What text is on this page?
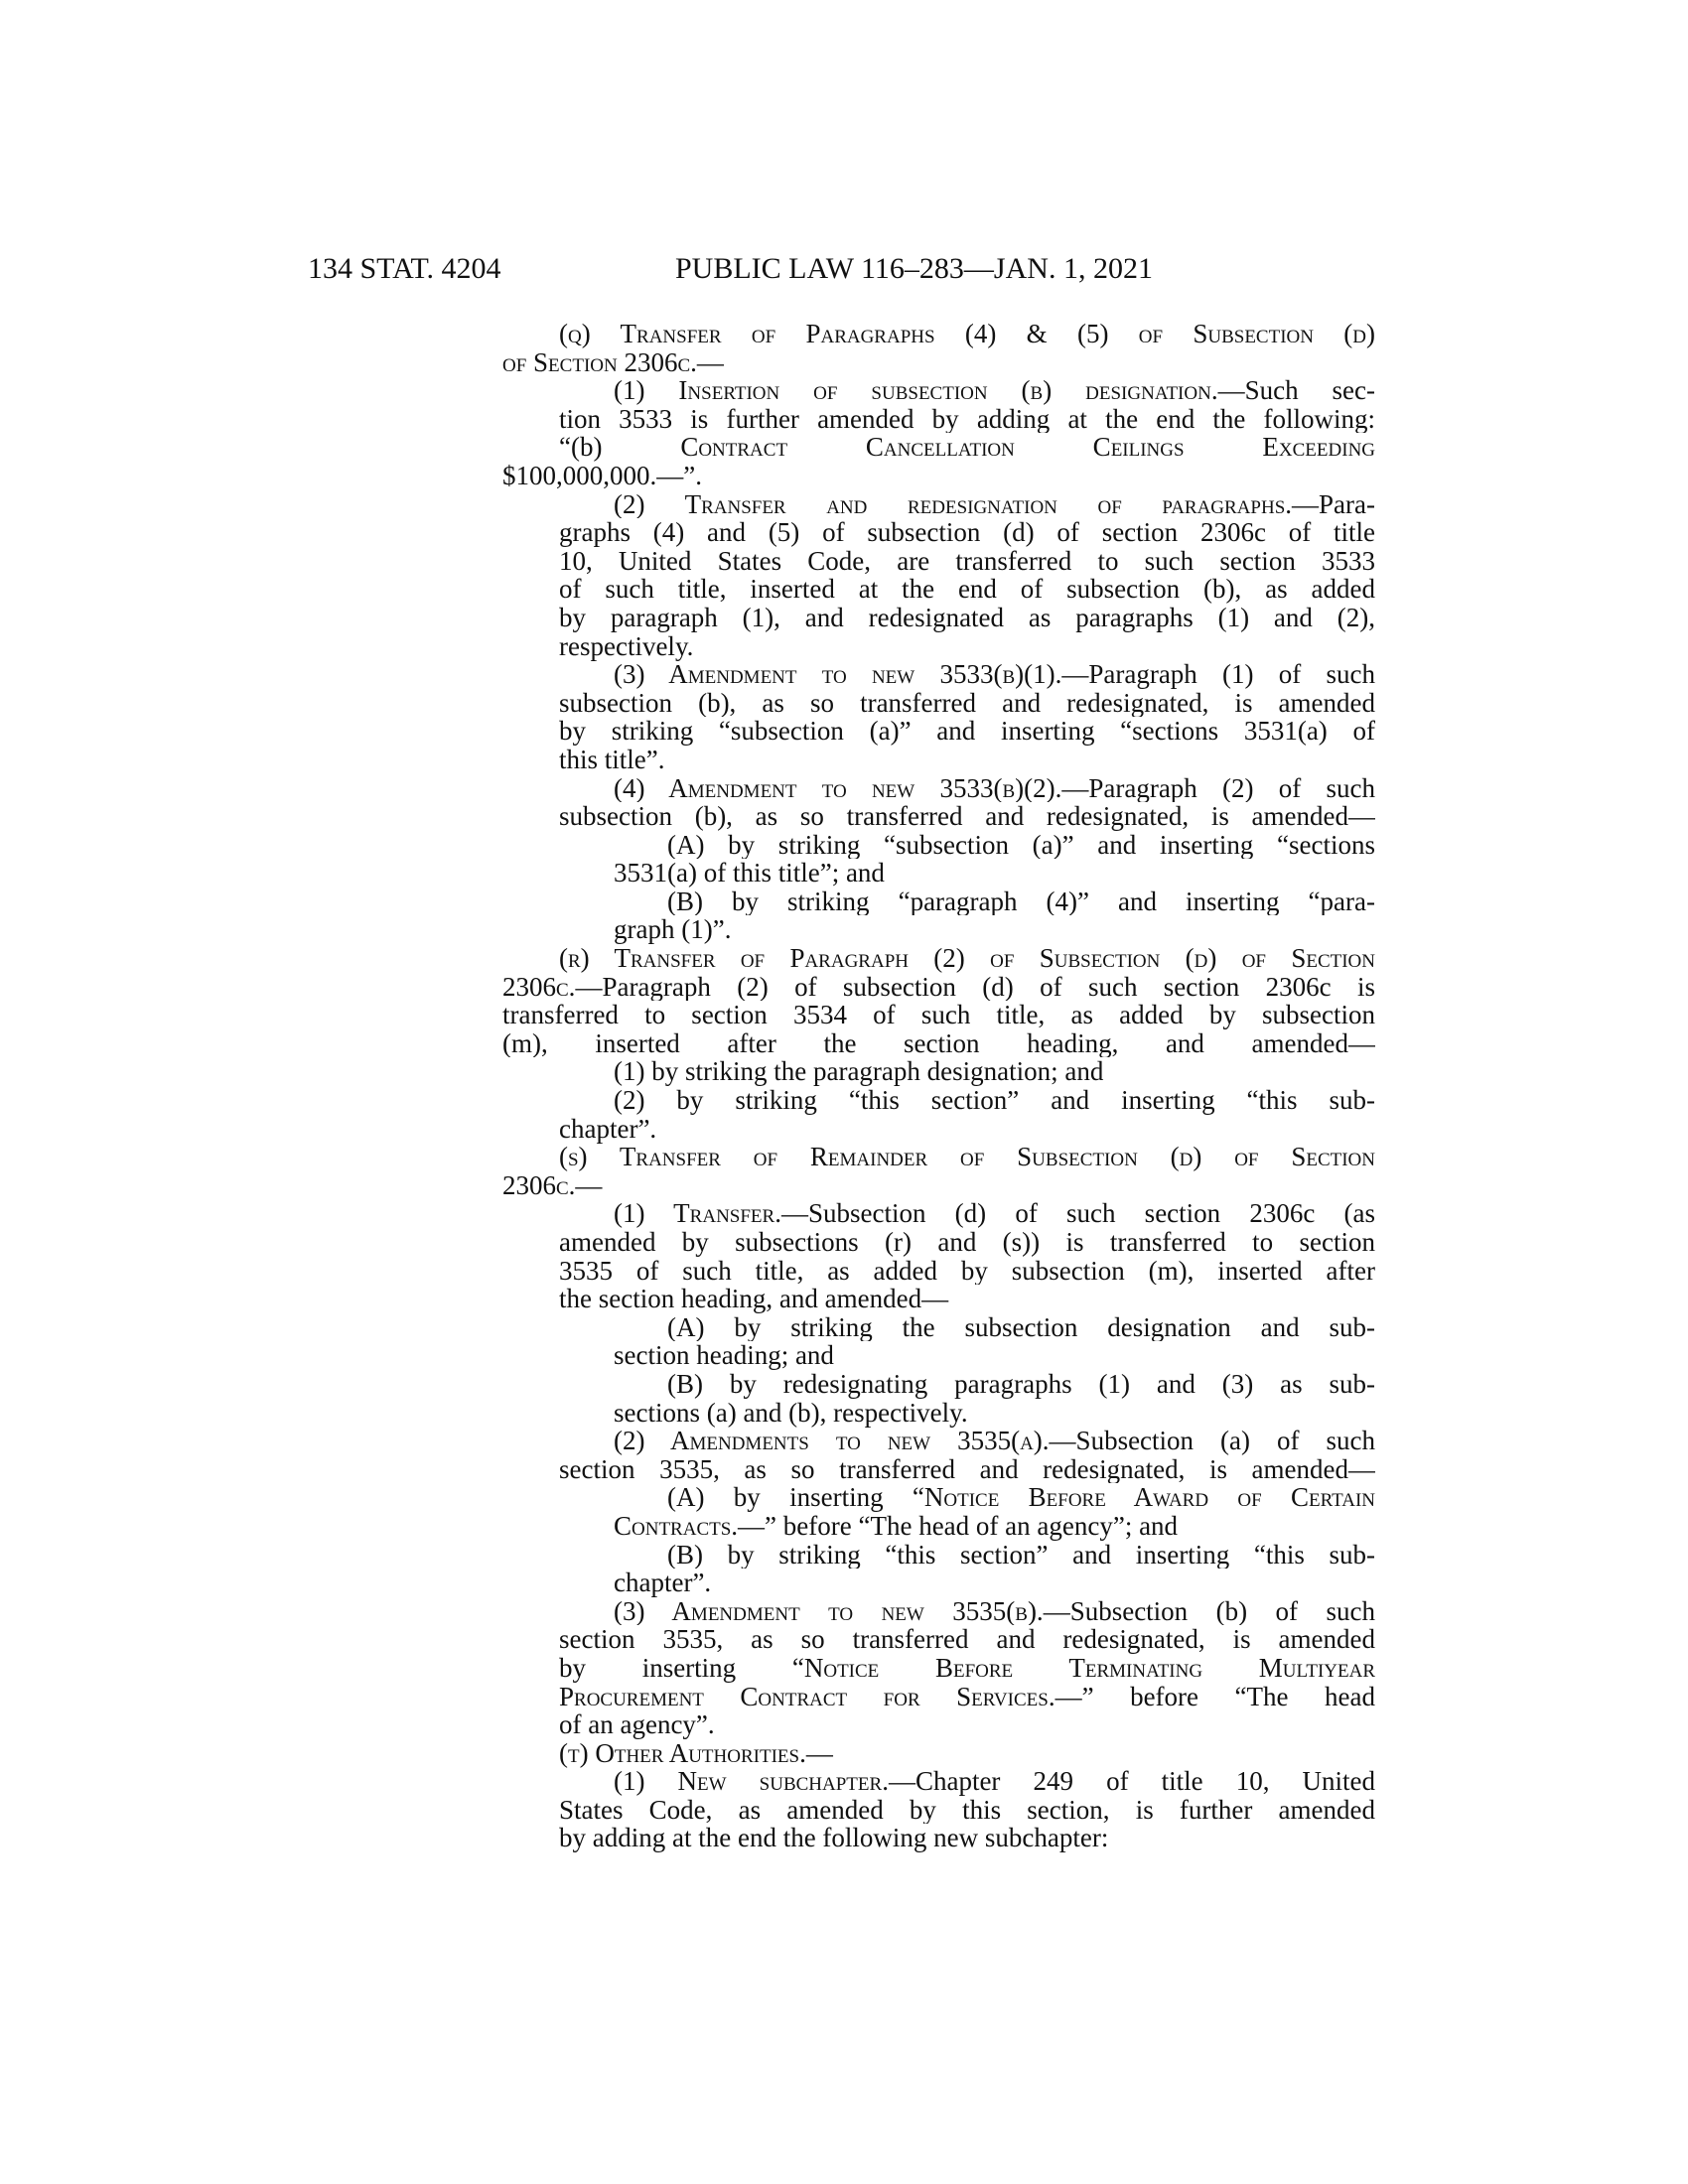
134 STAT. 4204	PUBLIC LAW 116–283—JAN. 1, 2021
(q) Transfer of Paragraphs (4) & (5) of Subsection (d)
of Section 2306c.—
(1) Insertion of subsection (b) designation.—Such sec-
tion 3533 is further amended by adding at the end the following:
“(b) Contract Cancellation Ceilings Exceeding
$100,000,000.—”.
(2) Transfer and redesignation of paragraphs.—Para-
graphs (4) and (5) of subsection (d) of section 2306c of title
10, United States Code, are transferred to such section 3533
of such title, inserted at the end of subsection (b), as added
by paragraph (1), and redesignated as paragraphs (1) and (2),
respectively.
(3) Amendment to new 3533(b)(1).—Paragraph (1) of such
subsection (b), as so transferred and redesignated, is amended
by striking “subsection (a)” and inserting “sections 3531(a) of
this title”.
(4) Amendment to new 3533(b)(2).—Paragraph (2) of such
subsection (b), as so transferred and redesignated, is amended—
(A) by striking “subsection (a)” and inserting “sections
3531(a) of this title”; and
(B) by striking “paragraph (4)” and inserting “para-
graph (1)”.
(r) Transfer of Paragraph (2) of Subsection (d) of Section
2306c.—Paragraph (2) of subsection (d) of such section 2306c is
transferred to section 3534 of such title, as added by subsection
(m), inserted after the section heading, and amended—
(1) by striking the paragraph designation; and
(2) by striking “this section” and inserting “this sub-
chapter”.
(s) Transfer of Remainder of Subsection (d) of Section
2306c.—
(1) Transfer.—Subsection (d) of such section 2306c (as
amended by subsections (r) and (s)) is transferred to section
3535 of such title, as added by subsection (m), inserted after
the section heading, and amended—
(A) by striking the subsection designation and sub-
section heading; and
(B) by redesignating paragraphs (1) and (3) as sub-
sections (a) and (b), respectively.
(2) Amendments to new 3535(a).—Subsection (a) of such
section 3535, as so transferred and redesignated, is amended—
(A) by inserting “Notice Before Award of Certain
Contracts.—” before “The head of an agency”; and
(B) by striking “this section” and inserting “this sub-
chapter”.
(3) Amendment to new 3535(b).—Subsection (b) of such
section 3535, as so transferred and redesignated, is amended
by inserting “Notice Before Terminating Multiyear
Procurement Contract for Services.—” before “The head
of an agency”.
(t) Other Authorities.—
(1) New subchapter.—Chapter 249 of title 10, United
States Code, as amended by this section, is further amended
by adding at the end the following new subchapter:
